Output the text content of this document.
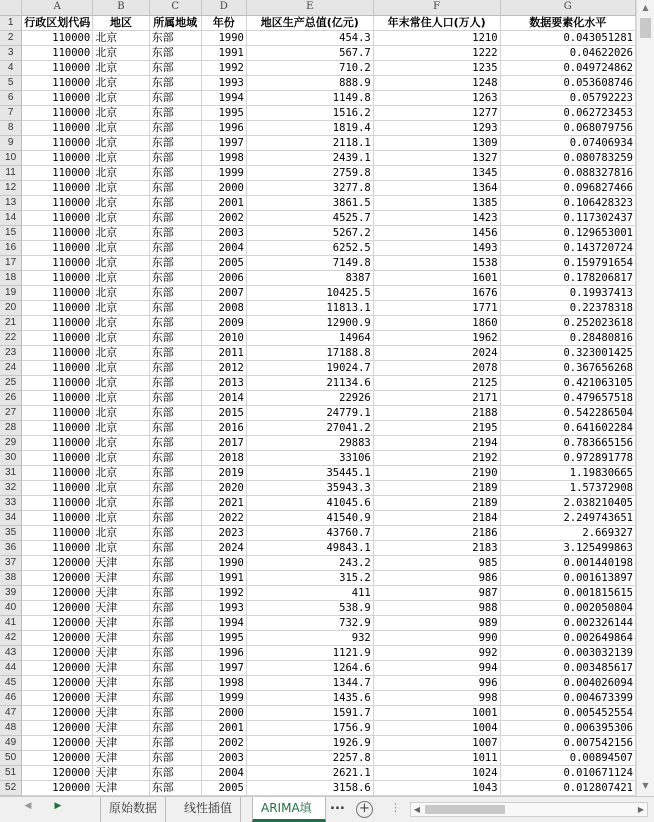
	A	B	C	D	E	F	G
1	行政区划代码	地区	所属地域	年份	地区生产总值(亿元)	年末常住人口(万人)	数据要素化水平
2	110000	北京	东部	1990	454.3	1210	0.043051281
3	110000	北京	东部	1991	567.7	1222	0.04622026
4	110000	北京	东部	1992	710.2	1235	0.049724862
5	110000	北京	东部	1993	888.9	1248	0.053608746
6	110000	北京	东部	1994	1149.8	1263	0.05792223
7	110000	北京	东部	1995	1516.2	1277	0.062723453
8	110000	北京	东部	1996	1819.4	1293	0.068079756
9	110000	北京	东部	1997	2118.1	1309	0.07406934
10	110000	北京	东部	1998	2439.1	1327	0.080783259
11	110000	北京	东部	1999	2759.8	1345	0.088327816
12	110000	北京	东部	2000	3277.8	1364	0.096827466
13	110000	北京	东部	2001	3861.5	1385	0.106428323
14	110000	北京	东部	2002	4525.7	1423	0.117302437
15	110000	北京	东部	2003	5267.2	1456	0.129653001
16	110000	北京	东部	2004	6252.5	1493	0.143720724
17	110000	北京	东部	2005	7149.8	1538	0.159791654
18	110000	北京	东部	2006	8387	1601	0.178206817
19	110000	北京	东部	2007	10425.5	1676	0.19937413
20	110000	北京	东部	2008	11813.1	1771	0.22378318
21	110000	北京	东部	2009	12900.9	1860	0.252023618
22	110000	北京	东部	2010	14964	1962	0.28480816
23	110000	北京	东部	2011	17188.8	2024	0.323001425
24	110000	北京	东部	2012	19024.7	2078	0.367656268
25	110000	北京	东部	2013	21134.6	2125	0.421063105
26	110000	北京	东部	2014	22926	2171	0.479657518
27	110000	北京	东部	2015	24779.1	2188	0.542286504
28	110000	北京	东部	2016	27041.2	2195	0.641602284
29	110000	北京	东部	2017	29883	2194	0.783665156
30	110000	北京	东部	2018	33106	2192	0.972891778
31	110000	北京	东部	2019	35445.1	2190	1.19830665
32	110000	北京	东部	2020	35943.3	2189	1.57372908
33	110000	北京	东部	2021	41045.6	2189	2.038210405
34	110000	北京	东部	2022	41540.9	2184	2.249743651
35	110000	北京	东部	2023	43760.7	2186	2.669327
36	110000	北京	东部	2024	49843.1	2183	3.125499863
37	120000	天津	东部	1990	243.2	985	0.001440198
38	120000	天津	东部	1991	315.2	986	0.001613897
39	120000	天津	东部	1992	411	987	0.001815615
40	120000	天津	东部	1993	538.9	988	0.002050804
41	120000	天津	东部	1994	732.9	989	0.002326144
42	120000	天津	东部	1995	932	990	0.002649864
43	120000	天津	东部	1996	1121.9	992	0.003032139
44	120000	天津	东部	1997	1264.6	994	0.003485617
45	120000	天津	东部	1998	1344.7	996	0.004026094
46	120000	天津	东部	1999	1435.6	998	0.004673399
47	120000	天津	东部	2000	1591.7	1001	0.005452554
48	120000	天津	东部	2001	1756.9	1004	0.006395306
49	120000	天津	东部	2002	1926.9	1007	0.007542156
50	120000	天津	东部	2003	2257.8	1011	0.00894507
51	120000	天津	东部	2004	2621.1	1024	0.010671124
52	120000	天津	东部	2005	3158.6	1043	0.012807421
▲
▼
◀	▶	原始数据	线性插值	ARIMA填	... + ⋮	◀	▶
